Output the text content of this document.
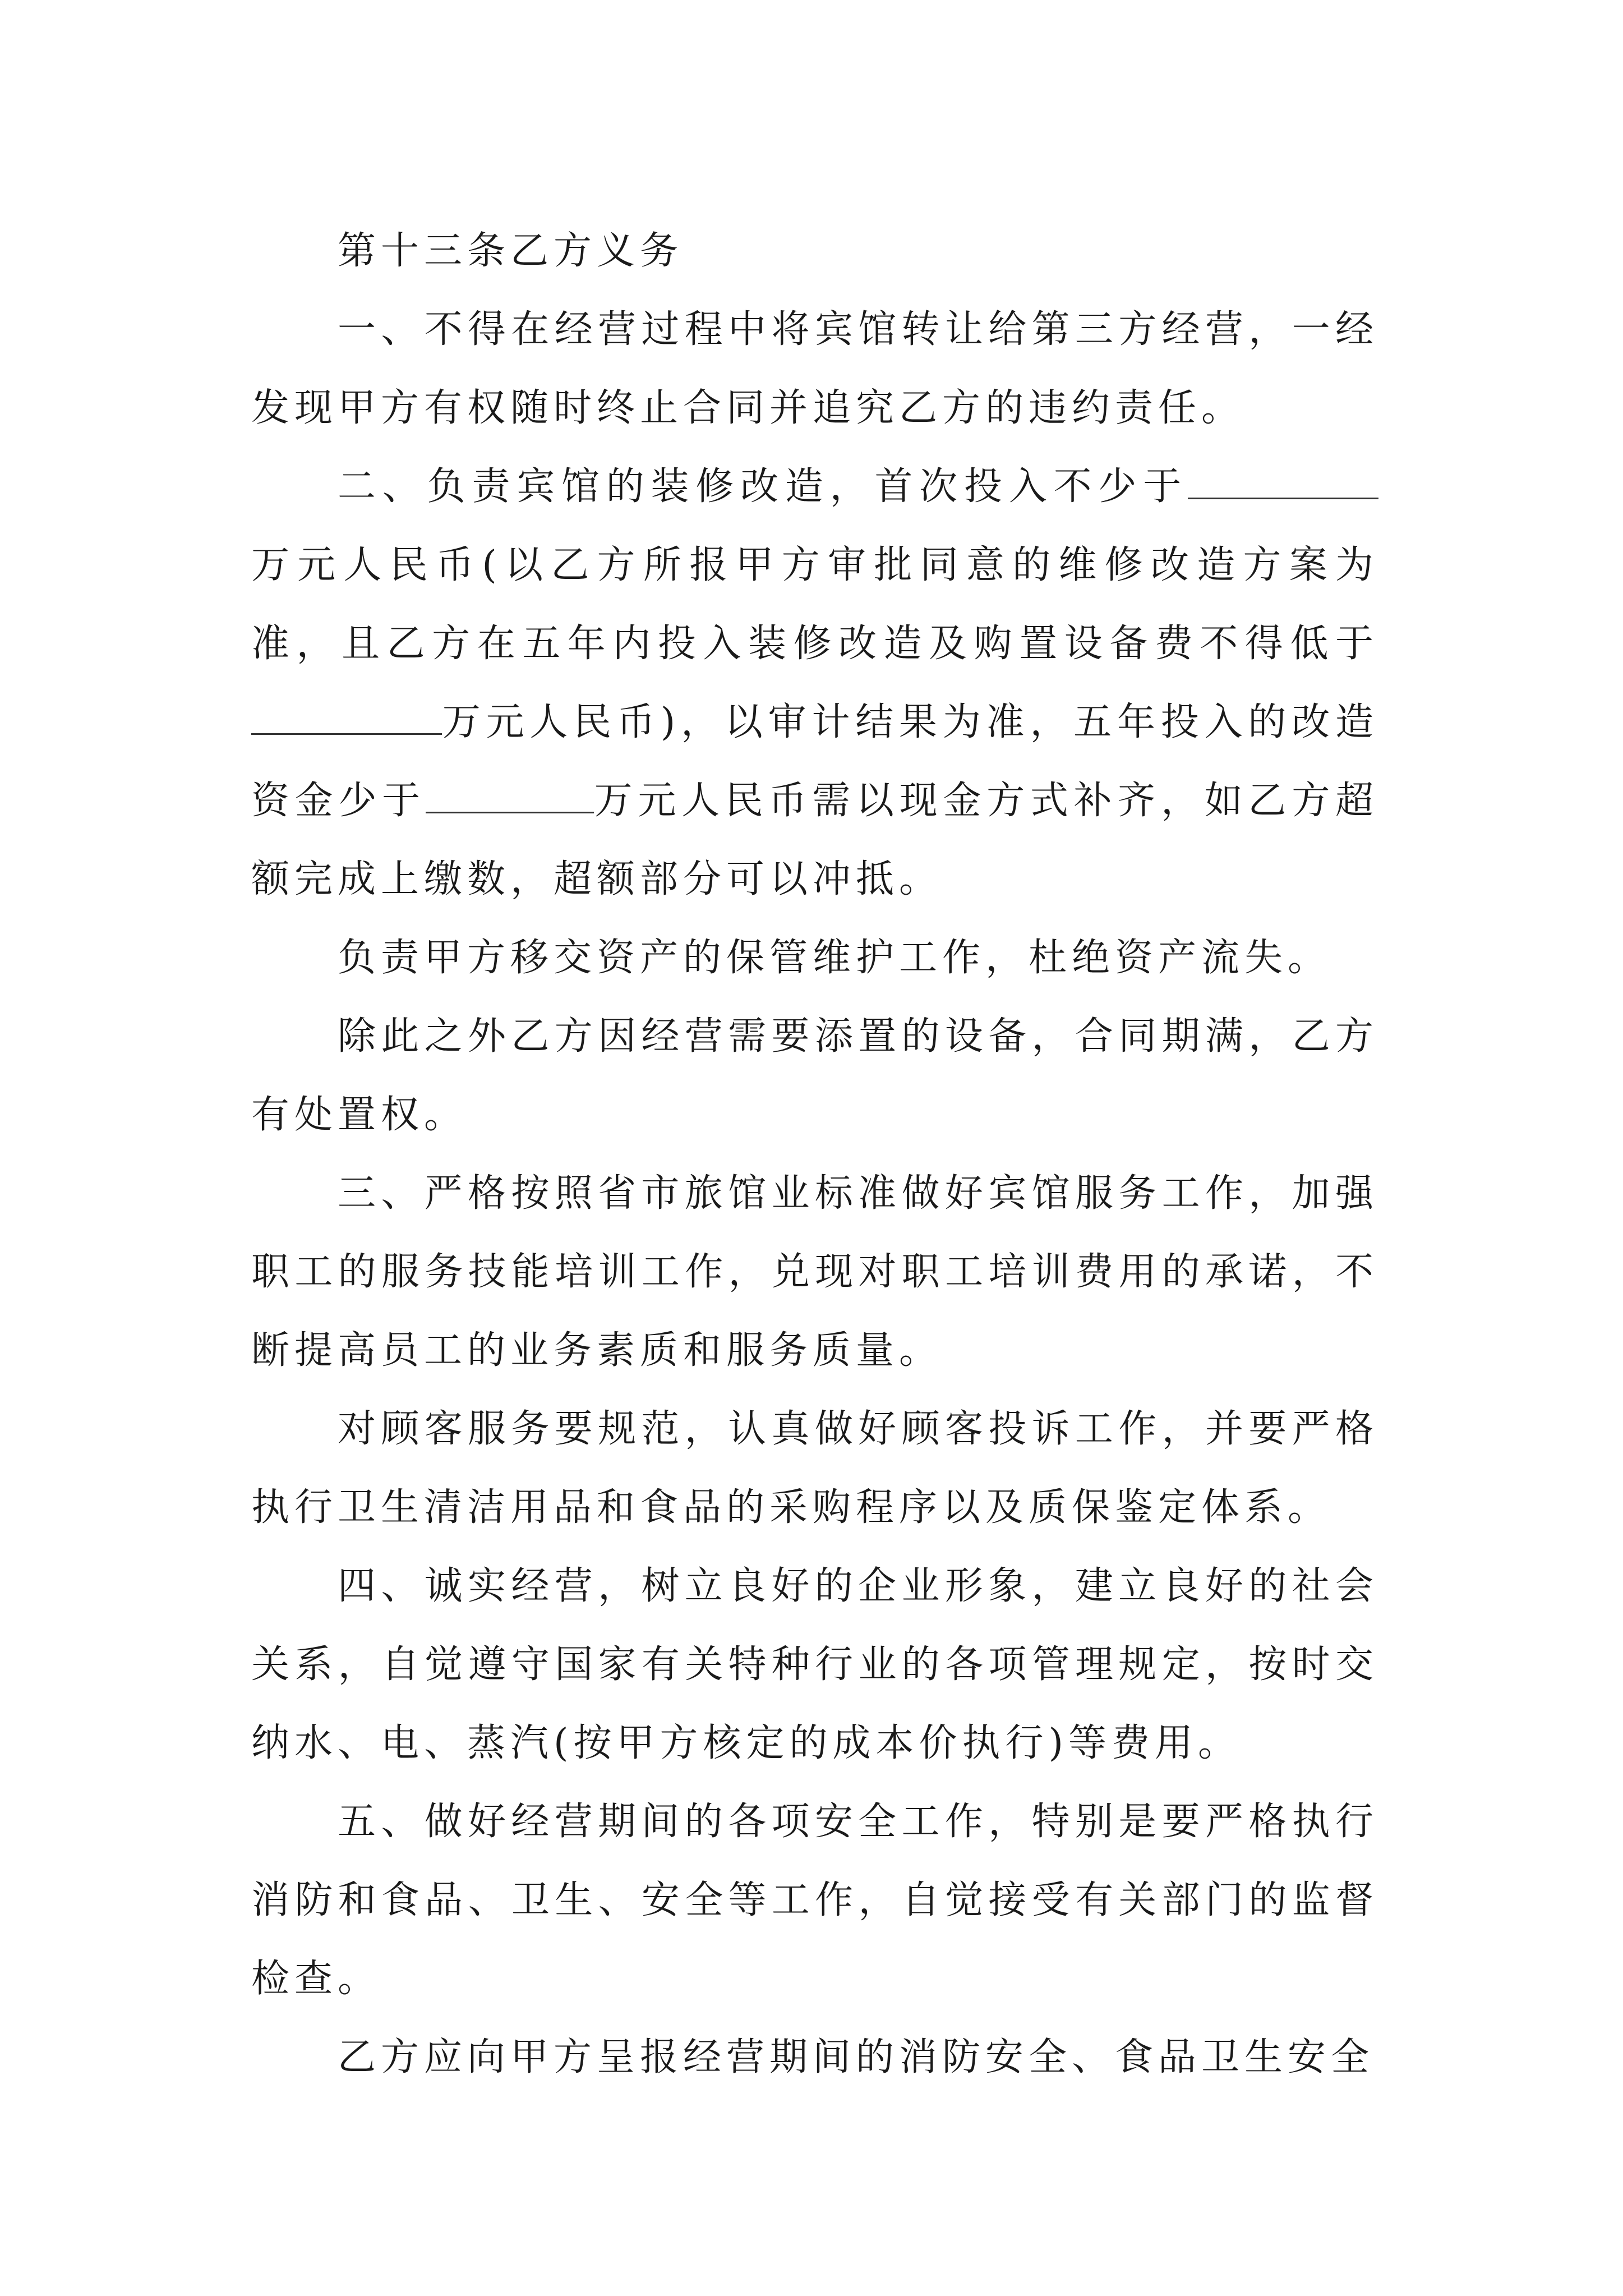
第十三条乙方义务

一、不得在经营过程中将宾馆转让给第三方经营，一经发现甲方有权随时终止合同并追究乙方的违约责任。

二、负责宾馆的装修改造，首次投入不少于万元人民币(以乙方所报甲方审批同意的维修改造方案为准，且乙方在五年内投入装修改造及购置设备费不得低于万元人民币)，以审计结果为准，五年投入的改造资金少于	万元人民币需以现金方式补齐，如乙方超额完成上缴数，超额部分可以冲抵。

负责甲方移交资产的保管维护工作，杜绝资产流失。

除此之外乙方因经营需要添置的设备，合同期满，乙方有处置权。

三、严格按照省市旅馆业标准做好宾馆服务工作，加强职工的服务技能培训工作，兑现对职工培训费用的承诺，不断提高员工的业务素质和服务质量。

对顾客服务要规范，认真做好顾客投诉工作，并要严格执行卫生清洁用品和食品的采购程序以及质保鉴定体系。

四、诚实经营，树立良好的企业形象，建立良好的社会关系，自觉遵守国家有关特种行业的各项管理规定，按时交纳水、电、蒸汽(按甲方核定的成本价执行)等费用。

五、做好经营期间的各项安全工作，特别是要严格执行消防和食品、卫生、安全等工作，自觉接受有关部门的监督检查。

乙方应向甲方呈报经营期间的消防安全、食品卫生安全
